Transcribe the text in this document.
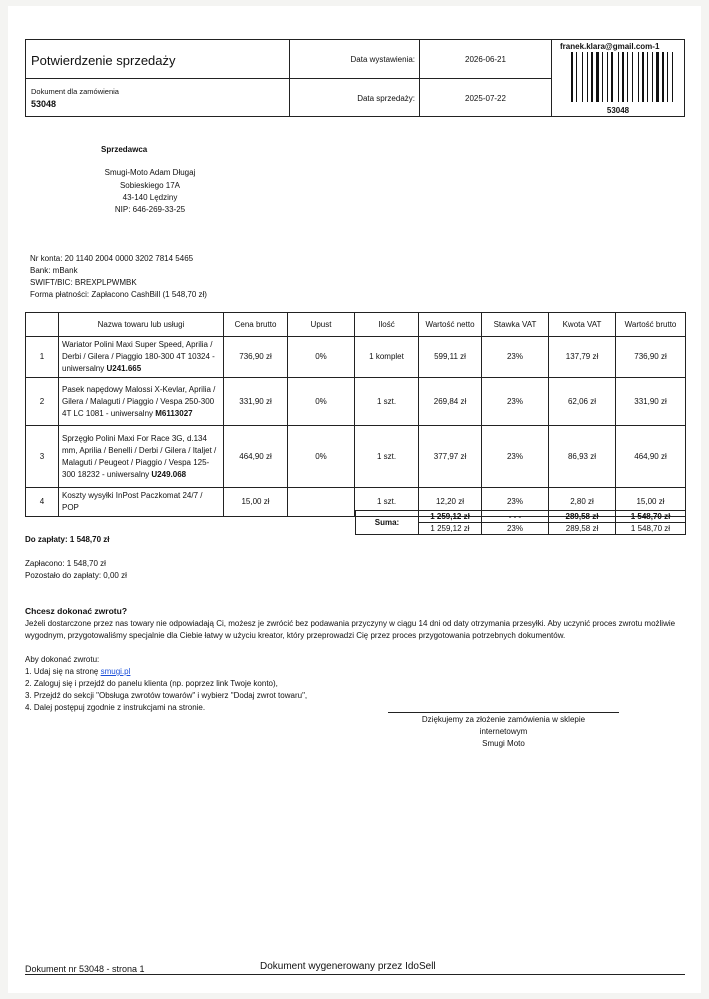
Potwierdzenie sprzedaży
Dokument dla zamówienia
53048
Data wystawienia:	2026-06-21
Data sprzedaży:	2025-07-22
franek.klara@gmail.com-1
53048
Sprzedawca
Smugi-Moto Adam Długaj
Sobieskiego 17A
43-140 Lędziny
NIP: 646-269-33-25
Nr konta: 20 1140 2004 0000 3202 7814 5465
Bank: mBank
SWIFT/BIC: BREXPLPWMBK
Forma płatności: Zapłacono CashBill (1 548,70 zł)
	Nazwa towaru lub usługi	Cena brutto	Upust	Ilość	Wartość netto	Stawka VAT	Kwota VAT	Wartość brutto
1	Wariator Polini Maxi Super Speed, Aprilia / Derbi / Gilera / Piaggio 180-300 4T 10324 - uniwersalny U241.665	736,90 zł	0%	1 komplet	599,11 zł	23%	137,79 zł	736,90 zł
2	Pasek napędowy Malossi X-Kevlar, Aprilia / Gilera / Malaguti / Piaggio / Vespa 250-300 4T LC 1081 - uniwersalny M6113027	331,90 zł	0%	1 szt.	269,84 zł	23%	62,06 zł	331,90 zł
3	Sprzęgło Polini Maxi For Race 3G, d.134 mm, Aprilia / Benelli / Derbi / Gilera / Italjet / Malaguti / Peugeot / Piaggio / Vespa 125-300 18232 - uniwersalny U249.068	464,90 zł	0%	1 szt.	377,97 zł	23%	86,93 zł	464,90 zł
4	Koszty wysyłki InPost Paczkomat 24/7 / POP	15,00 zł		1 szt.	12,20 zł	23%	2,80 zł	15,00 zł
Suma:	1 259,12 zł	- - -	289,58 zł	1 548,70 zł
	1 259,12 zł	23%	289,58 zł	1 548,70 zł
Do zapłaty: 1 548,70 zł
Zapłacono: 1 548,70 zł
Pozostało do zapłaty: 0,00 zł
Chcesz dokonać zwrotu?
Jeżeli dostarczone przez nas towary nie odpowiadają Ci, możesz je zwrócić bez podawania przyczyny w ciągu 14 dni od daty otrzymania przesyłki. Aby uczynić proces zwrotu możliwie wygodnym, przygotowaliśmy specjalnie dla Ciebie łatwy w użyciu kreator, który przeprowadzi Cię przez proces przygotowania potrzebnych dokumentów.
Aby dokonać zwrotu:
1. Udaj się na stronę smugi.pl
2. Zaloguj się i przejdź do panelu klienta (np. poprzez link Twoje konto),
3. Przejdź do sekcji "Obsługa zwrotów towarów" i wybierz "Dodaj zwrot towaru",
4. Dalej postępuj zgodnie z instrukcjami na stronie.
Dziękujemy za złożenie zamówienia w sklepie
internetowym
Smugi Moto
Dokument wygenerowany przez IdoSell
Dokument nr 53048 - strona 1
